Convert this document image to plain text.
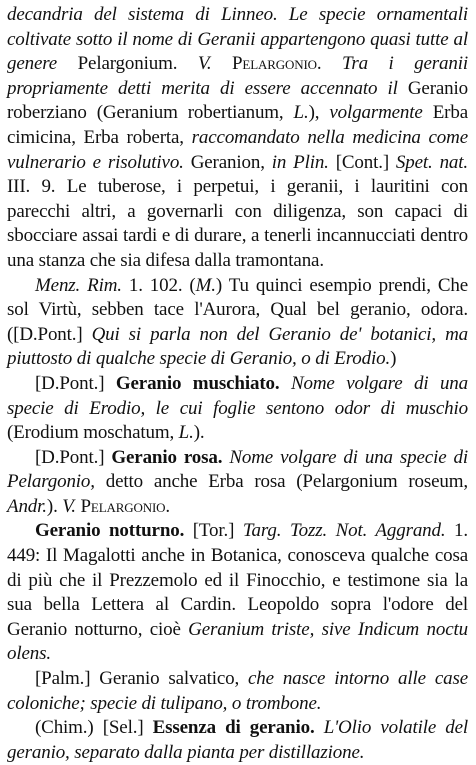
decandria del sistema di Linneo. Le specie ornamentali coltivate sotto il nome di Geranii appartengono quasi tutte al genere Pelargonium. V. Pelargonio. Tra i geranii propriamente detti merita di essere accennato il Geranio roberziano (Geranium robertianum, L.), volgarmente Erba cimicina, Erba roberta, raccomandato nella medicina come vulnerario e risolutivo. Geranion, in Plin. [Cont.] Spet. nat. III. 9. Le tuberose, i perpetui, i geranii, i lauritini con parecchi altri, a governarli con diligenza, son capaci di sbocciare assai tardi e di durare, a tenerli incannucciati dentro una stanza che sia difesa dalla tramontana.

Menz. Rim. 1. 102. (M.) Tu quinci esempio prendi, Che sol Virtù, sebben tace l'Aurora, Qual bel geranio, odora. ([D.Pont.] Qui si parla non del Geranio de' botanici, ma piuttosto di qualche specie di Geranio, o di Erodio.)

[D.Pont.] Geranio muschiato. Nome volgare di una specie di Erodio, le cui foglie sentono odor di muschio (Erodium moschatum, L.).

[D.Pont.] Geranio rosa. Nome volgare di una specie di Pelargonio, detto anche Erba rosa (Pelargonium roseum, Andr.). V. Pelargonio.

Geranio notturno. [Tor.] Targ. Tozz. Not. Aggrand. 1. 449: Il Magalotti anche in Botanica, conosceva qualche cosa di più che il Prezzemolo ed il Finocchio, e testimone sia la sua bella Lettera al Cardin. Leopoldo sopra l'odore del Geranio notturno, cioè Geranium triste, sive Indicum noctu olens.

[Palm.] Geranio salvatico, che nasce intorno alle case coloniche; specie di tulipano, o trombone.

(Chim.) [Sel.] Essenza di geranio. L'Olio volatile del geranio, separato dalla pianta per distillazione.
